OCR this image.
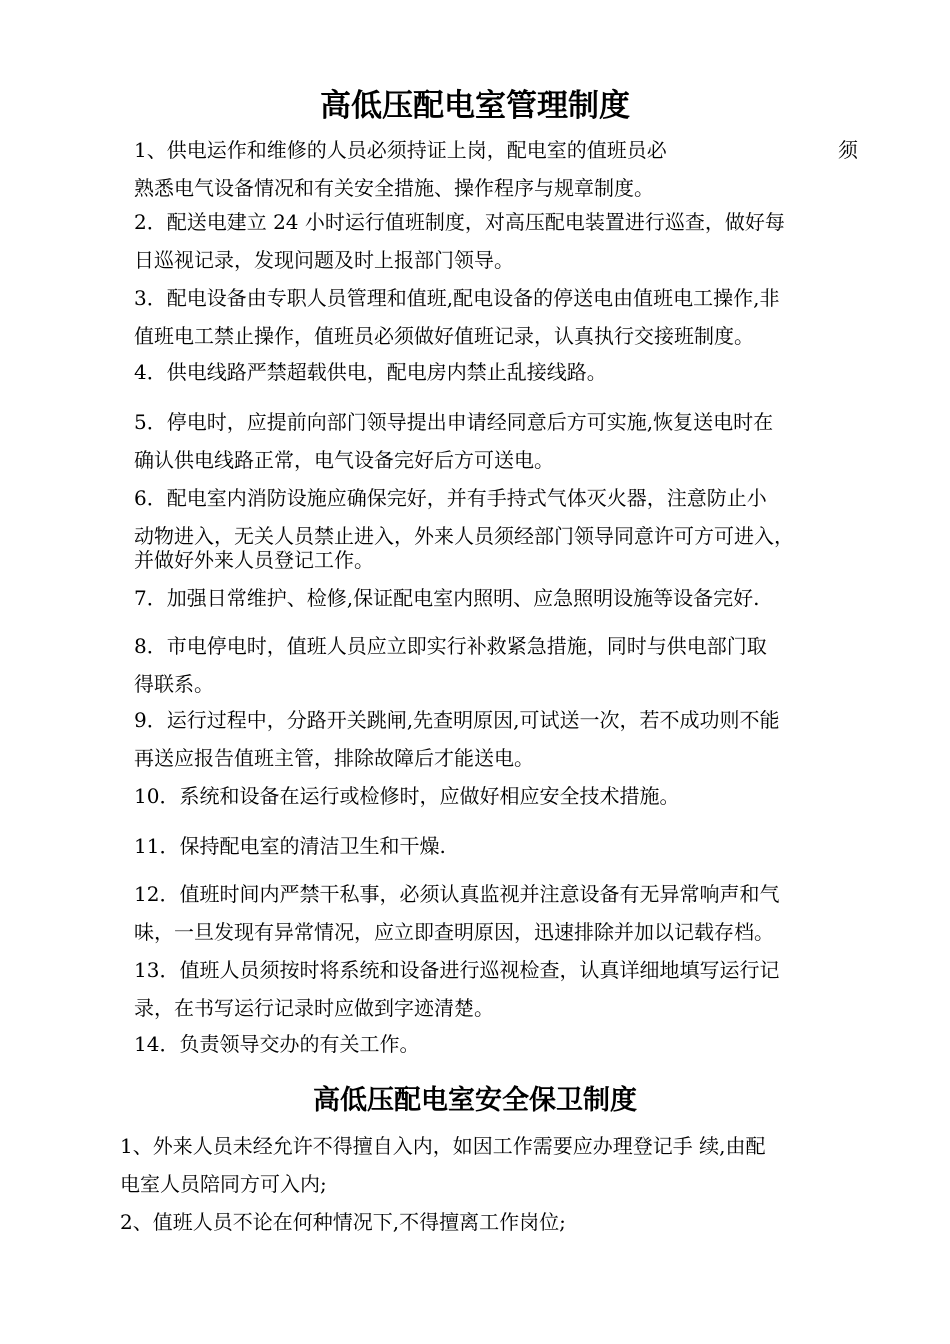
高低压配电室管理制度
1、供电运作和维修的人员必须持证上岗，配电室的值班员必
熟悉电气设备情况和有关安全措施、操作程序与规章制度。
须
2．配送电建立 24 小时运行值班制度，对高压配电装置进行巡查，做好每
日巡视记录，发现问题及时上报部门领导。
3．配电设备由专职人员管理和值班,配电设备的停送电由值班电工操作,非
值班电工禁止操作，值班员必须做好值班记录，认真执行交接班制度。
4．供电线路严禁超载供电，配电房内禁止乱接线路。
5．停电时，应提前向部门领导提出申请经同意后方可实施,恢复送电时在
确认供电线路正常，电气设备完好后方可送电。
6．配电室内消防设施应确保完好，并有手持式气体灭火器，注意防止小
动物进入，无关人员禁止进入，外来人员须经部门领导同意许可方可进入，
并做好外来人员登记工作。
7．加强日常维护、检修,保证配电室内照明、应急照明设施等设备完好.
8．市电停电时，值班人员应立即实行补救紧急措施，同时与供电部门取
得联系。
9．运行过程中，分路开关跳闸,先查明原因,可试送一次，若不成功则不能
再送应报告值班主管，排除故障后才能送电。
10．系统和设备在运行或检修时，应做好相应安全技术措施。
11．保持配电室的清洁卫生和干燥.
12．值班时间内严禁干私事，必须认真监视并注意设备有无异常响声和气
味，一旦发现有异常情况，应立即查明原因，迅速排除并加以记载存档。
13．值班人员须按时将系统和设备进行巡视检查，认真详细地填写运行记
录，在书写运行记录时应做到字迹清楚。
14．负责领导交办的有关工作。
高低压配电室安全保卫制度
1、外来人员未经允许不得擅自入内，如因工作需要应办理登记手 续,由配
电室人员陪同方可入内;
2、值班人员不论在何种情况下,不得擅离工作岗位;
